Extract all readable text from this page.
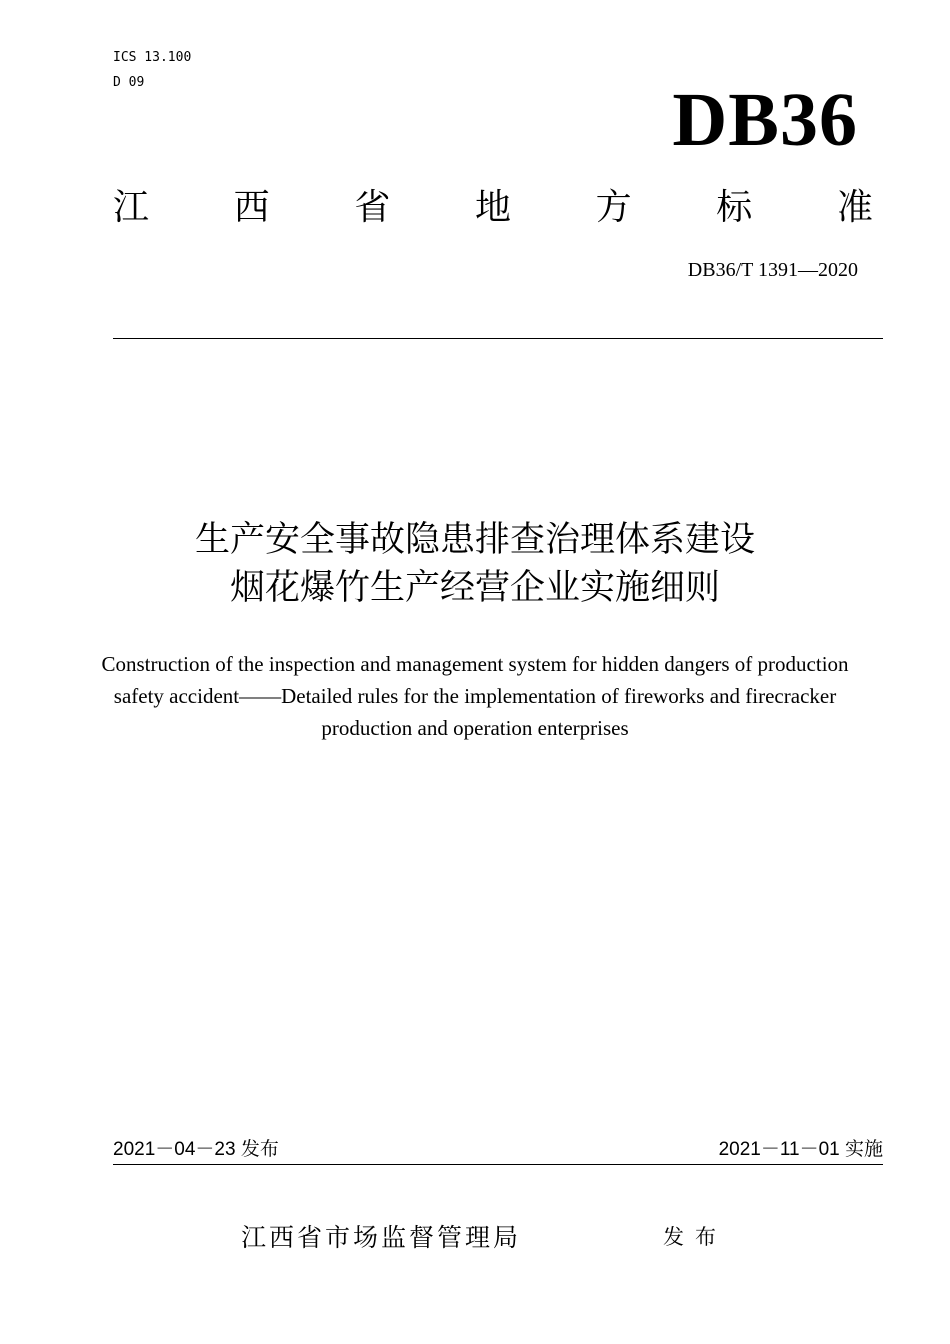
ICS 13.100
D 09	DB36
江 西 省 地 方 标 准
DB36/T 1391—2020
生产安全事故隐患排查治理体系建设
烟花爆竹生产经营企业实施细则
Construction of the inspection and management system for hidden dangers of production safety accident——Detailed rules for the implementation of fireworks and firecracker production and operation enterprises
2021－04－23 发布	2021－11－01 实施
江西省市场监督管理局	发布
